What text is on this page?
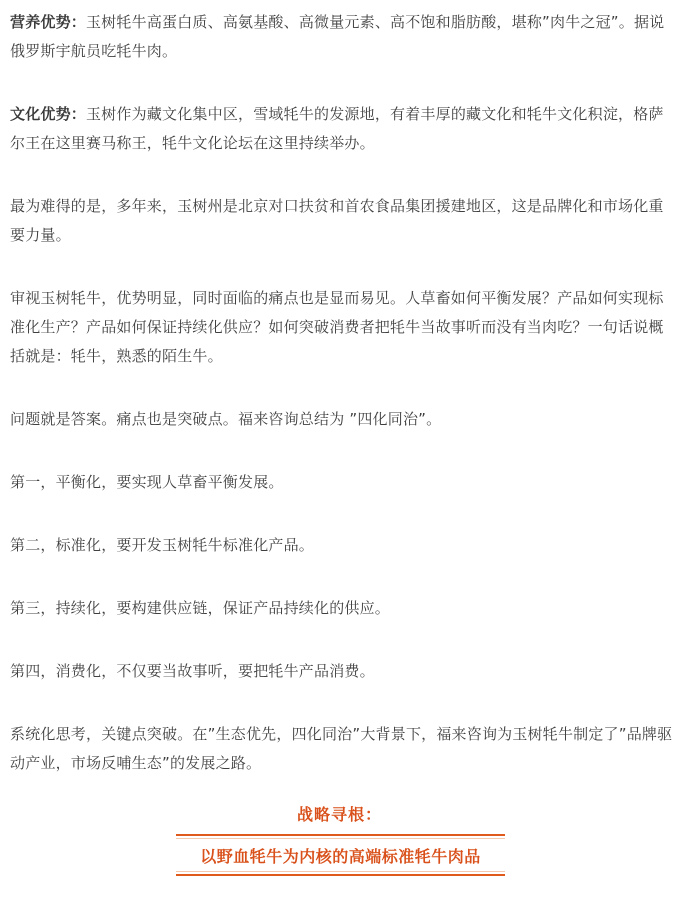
营养优势：玉树牦牛高蛋白质、高氨基酸、高微量元素、高不饱和脂肪酸，堪称”肉牛之冠”。据说俄罗斯宇航员吃牦牛肉。

文化优势：玉树作为藏文化集中区，雪域牦牛的发源地，有着丰厚的藏文化和牦牛文化积淀，格萨尔王在这里赛马称王，牦牛文化论坛在这里持续举办。

最为难得的是，多年来，玉树州是北京对口扶贫和首农食品集团援建地区，这是品牌化和市场化重要力量。

审视玉树牦牛，优势明显，同时面临的痛点也是显而易见。人草畜如何平衡发展？产品如何实现标准化生产？产品如何保证持续化供应？如何突破消费者把牦牛当故事听而没有当肉吃？一句话说概括就是：牦牛，熟悉的陌生牛。

问题就是答案。痛点也是突破点。福来咨询总结为 ”四化同治”。

第一，平衡化，要实现人草畜平衡发展。

第二，标准化，要开发玉树牦牛标准化产品。

第三，持续化，要构建供应链，保证产品持续化的供应。

第四，消费化，不仅要当故事听，要把牦牛产品消费。

系统化思考，关键点突破。在”生态优先，四化同治”大背景下，福来咨询为玉树牦牛制定了”品牌驱动产业，市场反哺生态”的发展之路。

战略寻根：
以野血牦牛为内核的高端标准牦牛肉品
